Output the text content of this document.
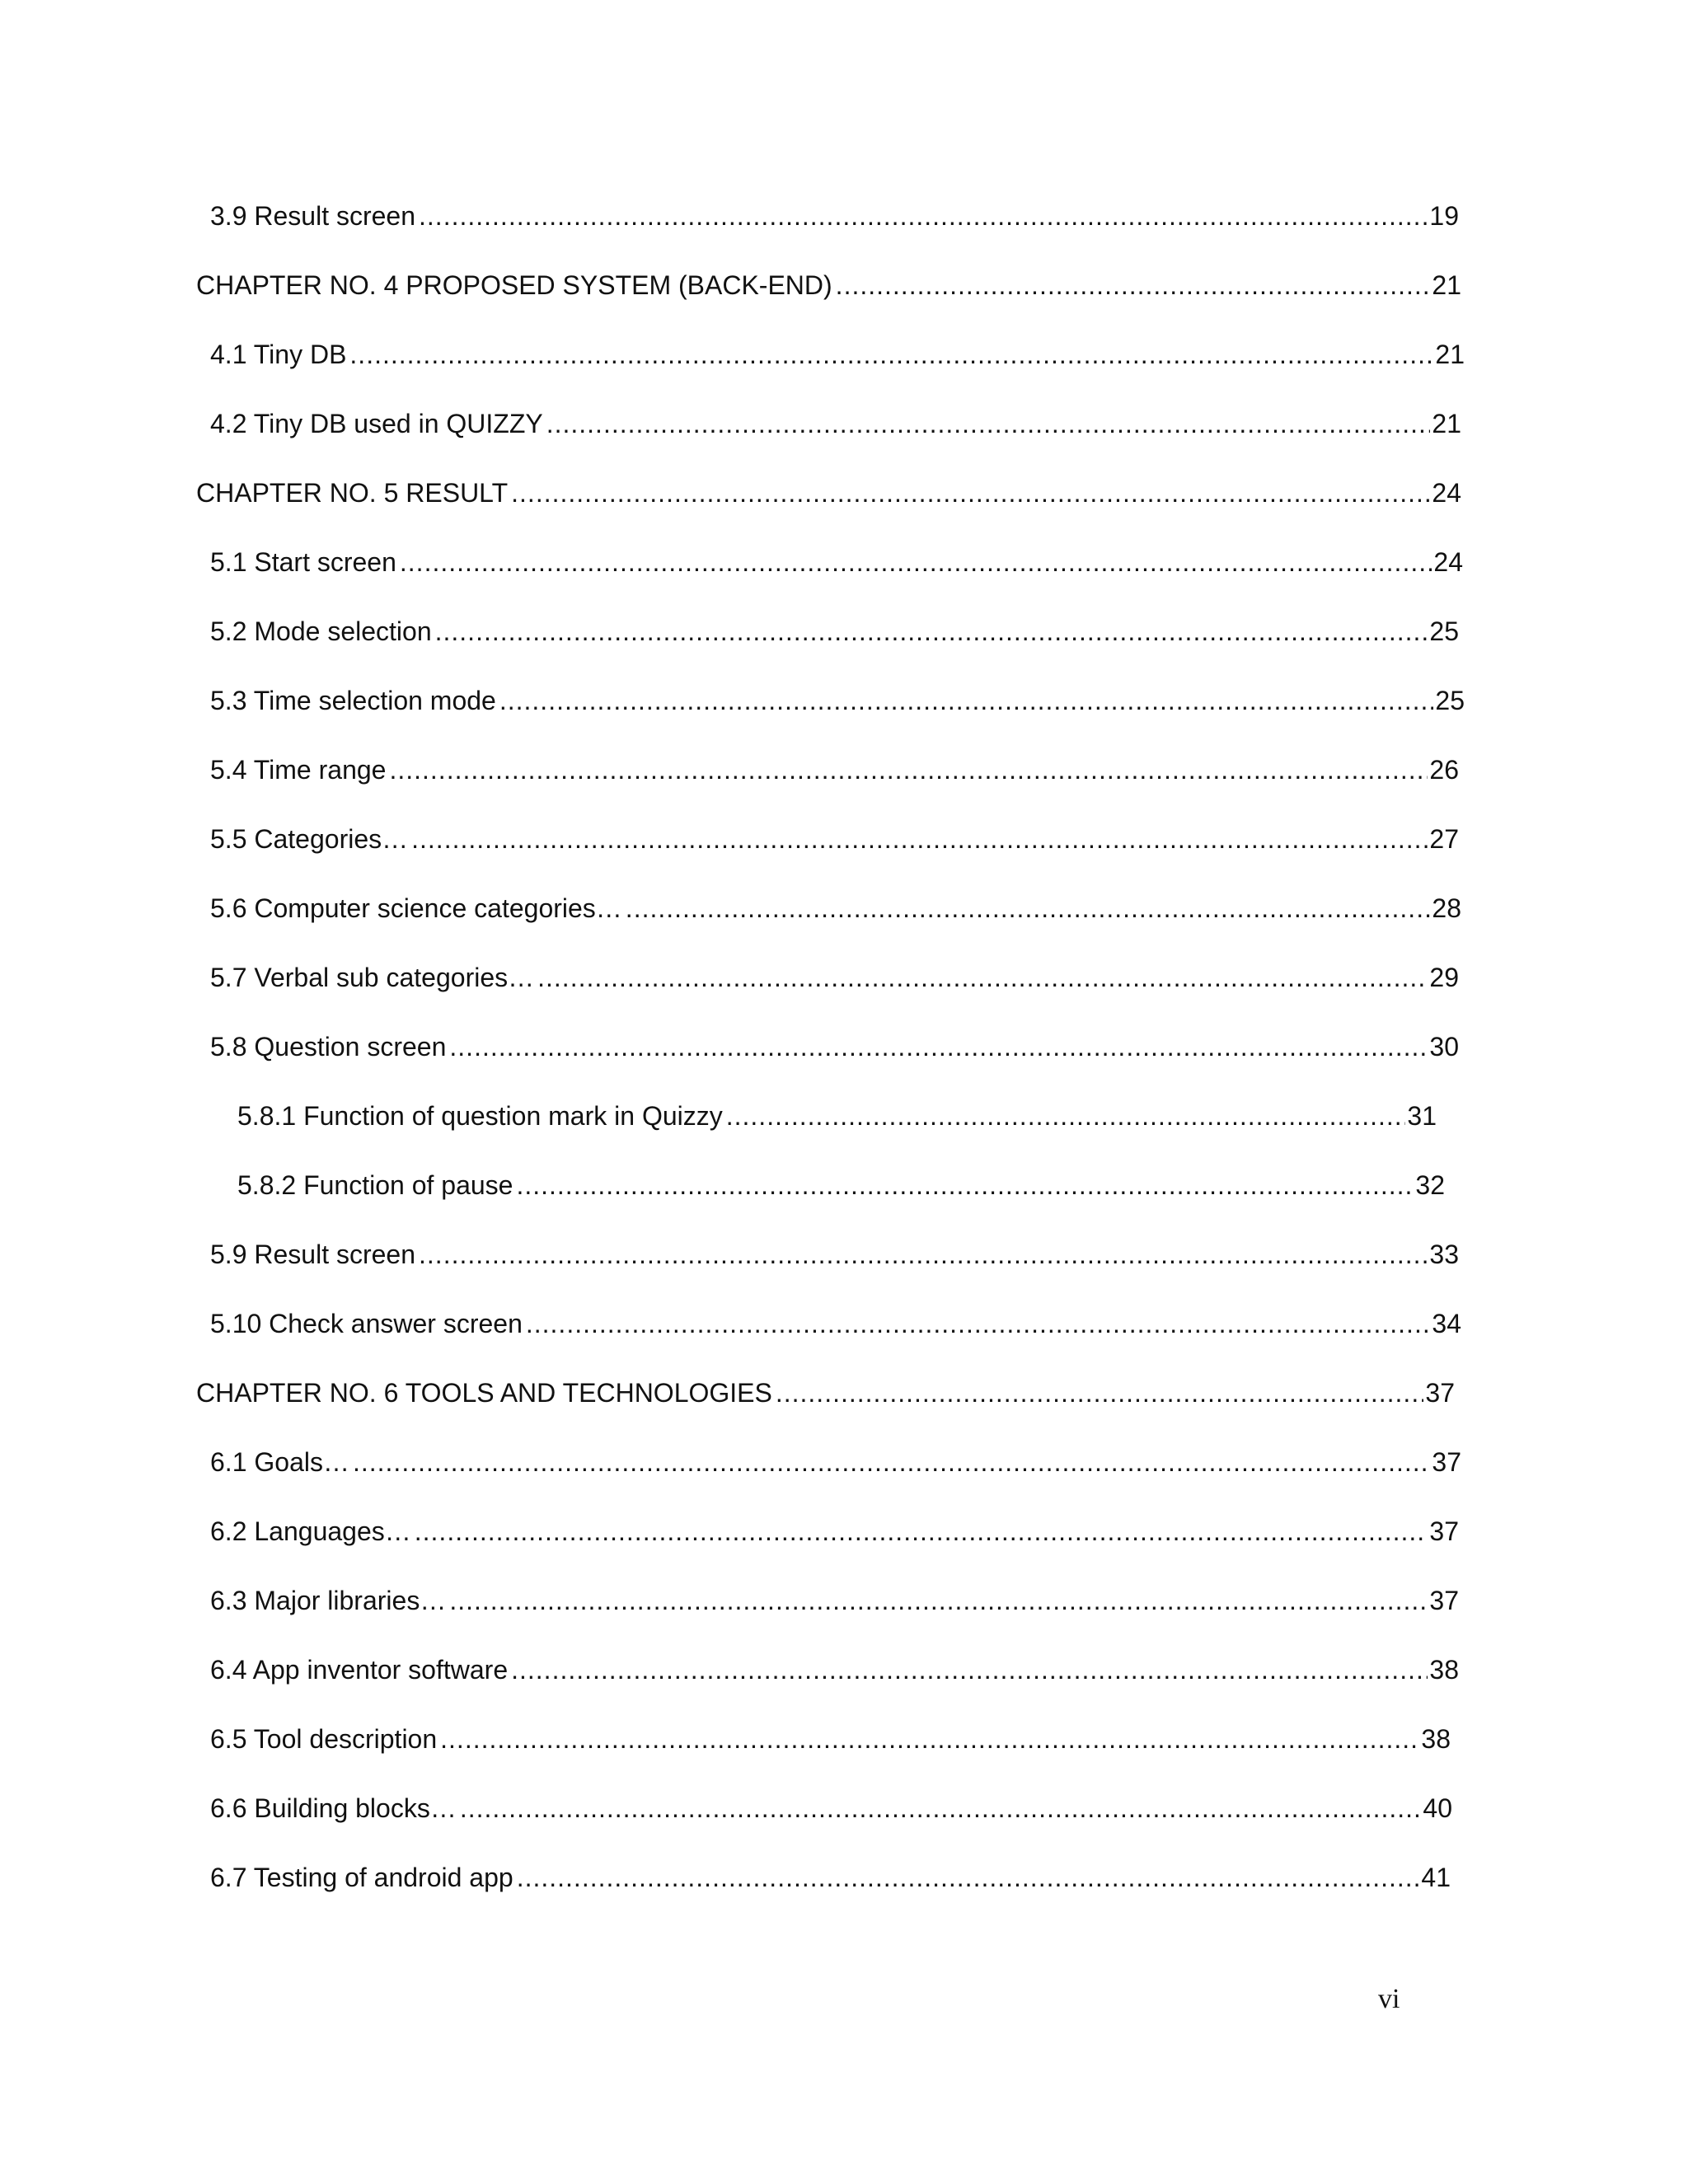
3.9 Result screen .....	19
CHAPTER NO. 4 PROPOSED SYSTEM (BACK-END) .....	21
4.1 Tiny DB .....	21
4.2 Tiny DB used in QUIZZY .....	21
CHAPTER NO. 5 RESULT .....	24
5.1 Start screen .....	24
5.2 Mode selection .....	25
5.3 Time selection mode .....	25
5.4 Time range .....	26
5.5 Categories… .....	27
5.6 Computer science categories… .....	28
5.7 Verbal sub categories… .....	29
5.8 Question screen .....	30
5.8.1 Function of question mark in Quizzy .....	31
5.8.2 Function of pause .....	32
5.9 Result screen .....	33
5.10 Check answer screen .....	34
CHAPTER NO. 6 TOOLS AND TECHNOLOGIES .....	37
6.1 Goals… .....	37
6.2 Languages… .....	37
6.3 Major libraries… .....	37
6.4 App inventor software .....	38
6.5 Tool description .....	38
6.6 Building blocks… .....	40
6.7 Testing of android app .....	41
vi
